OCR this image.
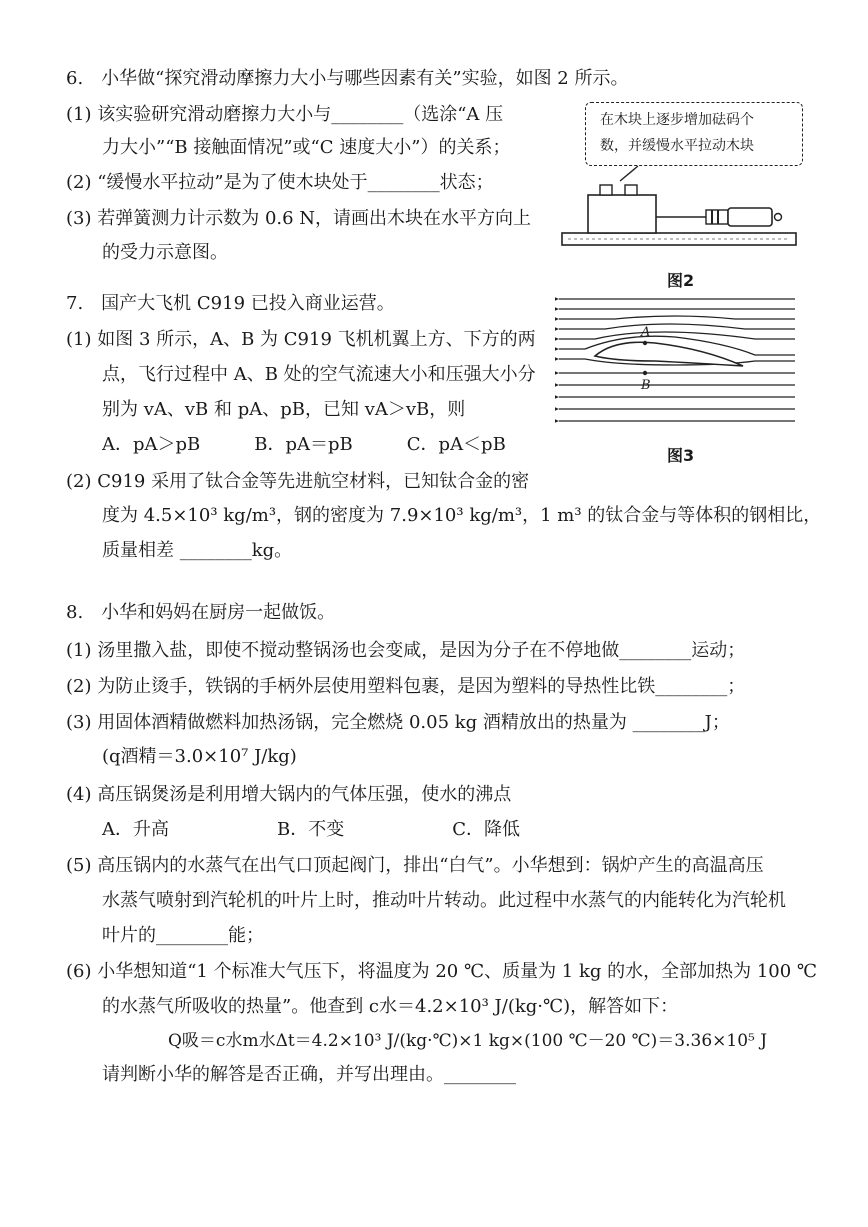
6.　小华做“探究滑动摩擦力大小与哪些因素有关”实验，如图 2 所示。
(1) 该实验研究滑动磨擦力大小与________（选涂“A 压
　　力大小”“B 接触面情况”或“C 速度大小”）的关系；
(2) “缓慢水平拉动”是为了使木块处于________状态；
(3) 若弹簧测力计示数为 0.6 N，请画出木块在水平方向上
　　的受力示意图。
在木块上逐步增加砝码个
数，并缓慢水平拉动木块
图2
7.　国产大飞机 C919 已投入商业运营。
(1) 如图 3 所示，A、B 为 C919 飞机机翼上方、下方的两
　　点，飞行过程中 A、B 处的空气流速大小和压强大小分
　　别为 vA、vB 和 pA、pB，已知 vA＞vB，则
　　A．pA＞pB　　　B．pA＝pB　　　C．pA＜pB
(2) C919 采用了钛合金等先进航空材料，已知钛合金的密
　　度为 4.5×10³ kg/m³，钢的密度为 7.9×10³ kg/m³，1 m³ 的钛合金与等体积的钢相比，
　　质量相差 ________kg。
A
B
图3
8.　小华和妈妈在厨房一起做饭。
(1) 汤里撒入盐，即使不搅动整锅汤也会变咸，是因为分子在不停地做________运动；
(2) 为防止烫手，铁锅的手柄外层使用塑料包裹，是因为塑料的导热性比铁________；
(3) 用固体酒精做燃料加热汤锅，完全燃烧 0.05 kg 酒精放出的热量为 ________J；
　　(q酒精＝3.0×10⁷ J/kg)
(4) 高压锅煲汤是利用增大锅内的气体压强，使水的沸点
　　A．升高　　　　　　B．不变　　　　　　C．降低
(5) 高压锅内的水蒸气在出气口顶起阀门，排出“白气”。小华想到：锅炉产生的高温高压
　　水蒸气喷射到汽轮机的叶片上时，推动叶片转动。此过程中水蒸气的内能转化为汽轮机
　　叶片的________能；
(6) 小华想知道“1 个标准大气压下，将温度为 20 ℃、质量为 1 kg 的水，全部加热为 100 ℃
　　的水蒸气所吸收的热量”。他查到 c水＝4.2×10³ J/(kg·℃)，解答如下：
Q吸＝c水m水Δt＝4.2×10³ J/(kg·℃)×1 kg×(100 ℃－20 ℃)＝3.36×10⁵ J
　　请判断小华的解答是否正确，并写出理由。________
